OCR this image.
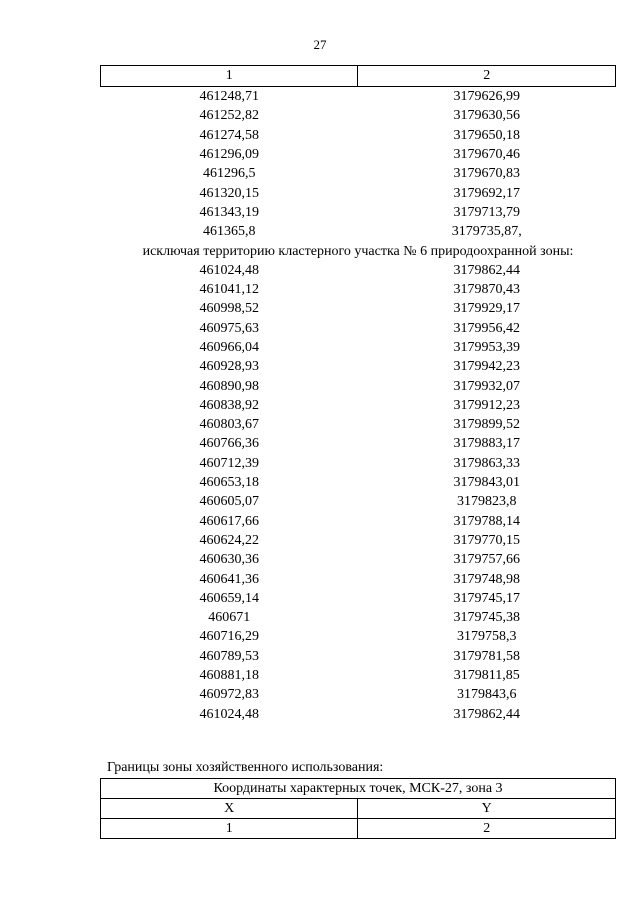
27
1	2
461248,71	3179626,99
461252,82	3179630,56
461274,58	3179650,18
461296,09	3179670,46
461296,5	3179670,83
461320,15	3179692,17
461343,19	3179713,79
461365,8	3179735,87,
исключая территорию кластерного участка № 6 природоохранной зоны:	
461024,48	3179862,44
461041,12	3179870,43
460998,52	3179929,17
460975,63	3179956,42
460966,04	3179953,39
460928,93	3179942,23
460890,98	3179932,07
460838,92	3179912,23
460803,67	3179899,52
460766,36	3179883,17
460712,39	3179863,33
460653,18	3179843,01
460605,07	3179823,8
460617,66	3179788,14
460624,22	3179770,15
460630,36	3179757,66
460641,36	3179748,98
460659,14	3179745,17
460671	3179745,38
460716,29	3179758,3
460789,53	3179781,58
460881,18	3179811,85
460972,83	3179843,6
461024,48	3179862,44
Границы зоны хозяйственного использования:
Координаты характерных точек, МСК-27, зона 3	
X	Y
1	2
